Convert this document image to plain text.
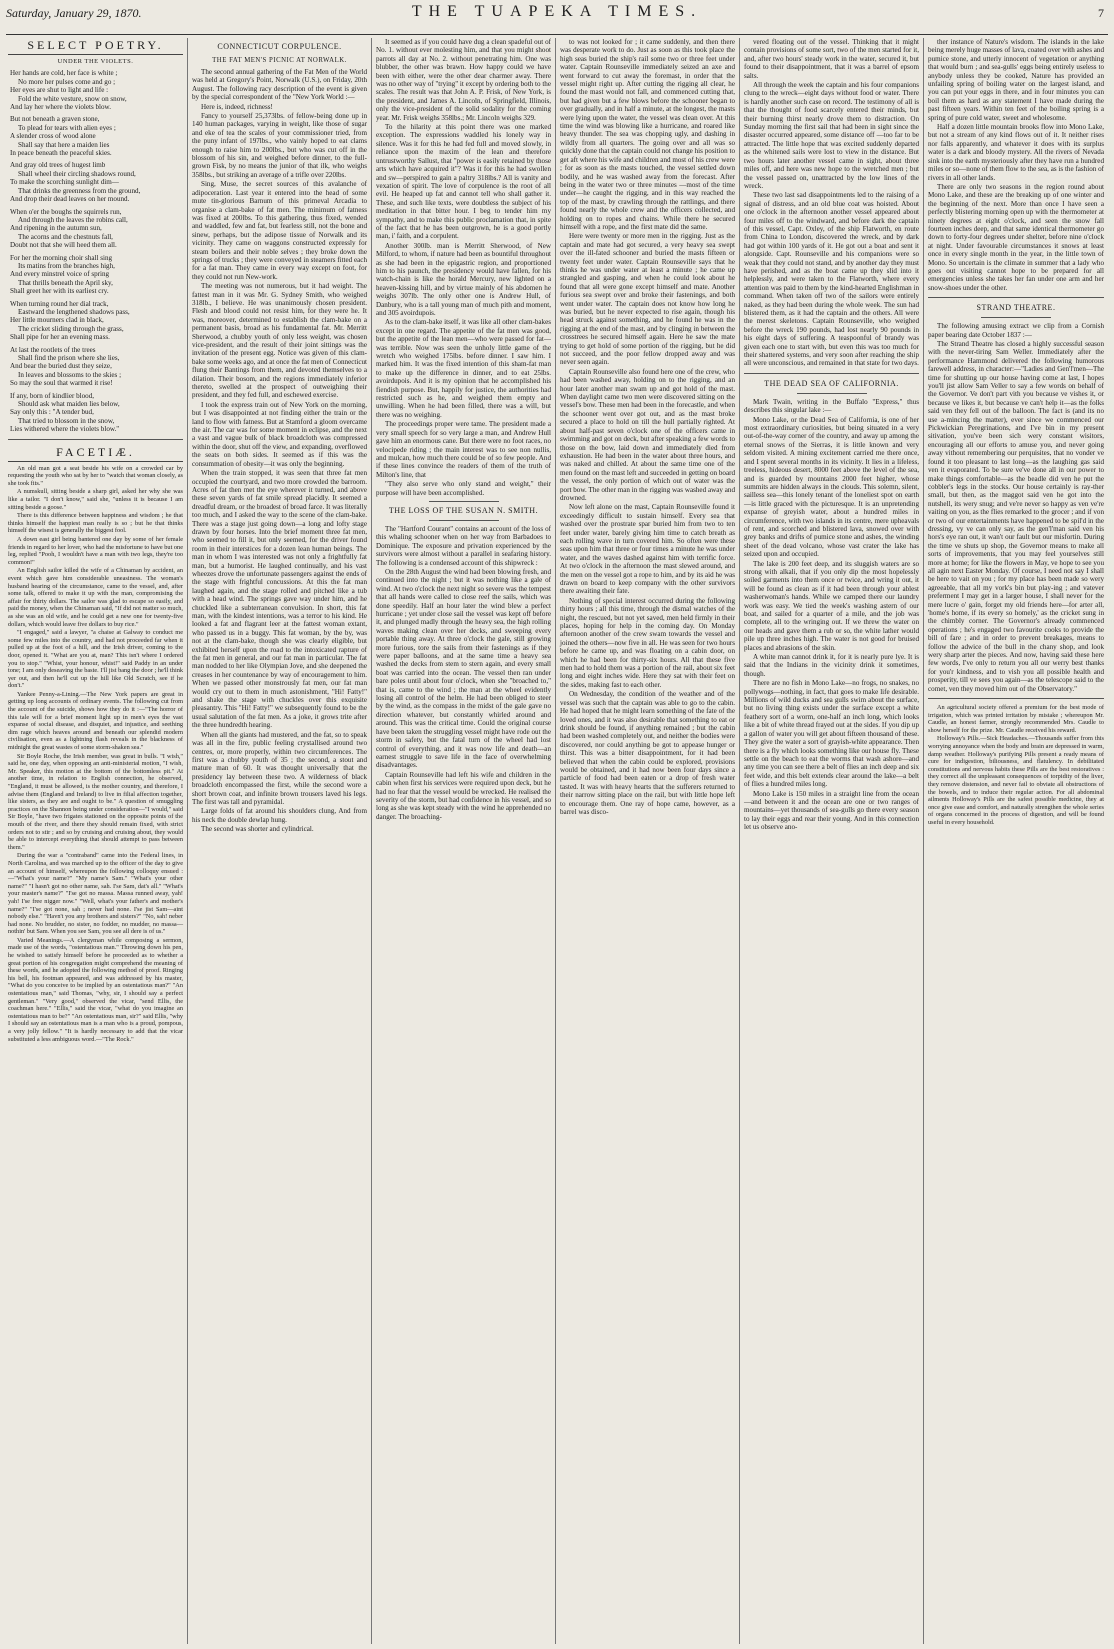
Saturday, January 29, 1870.	THE TUAPEKA TIMES.	7
SELECT POETRY.
UNDER THE VIOLETS.
Her hands are cold, her face is white ;
No more her pulses come and go ;
Her eyes are shut to light and life :
Fold the white vesture, snow on snow,
And lay her where the violets blow.
But not beneath a graven stone,
To plead for tears with alien eyes ;
A slender cross of wood alone
Shall say that here a maiden lies
In peace beneath the peaceful skies.
And gray old trees of hugest limb
Shall wheel their circling shadows round,
To make the scorching sunlight dim—
That drinks the greenness from the ground,
And drop their dead leaves on her mound.
When o'er the boughs the squirrels run,
And through the leaves the robins call,
And ripening in the autumn sun,
The acorns and the chestnuts fall,
Doubt not that she will heed them all.
For her the morning choir shall sing
Its matins from the branches high,
And every minstrel voice of spring
That thrills beneath the April sky,
Shall greet her with its earliest cry.
When turning round her dial track,
Eastward the lengthened shadows pass,
Her little mourners clad in black,
The cricket sliding through the grass,
Shall pipe for her an evening mass.
At last the rootlets of the trees
Shall find the prison where she lies,
And bear the buried dust they seize,
In leaves and blossoms to the skies ;
So may the soul that warmed it rise!
If any, born of kindlier blood,
Should ask what maiden lies below,
Say only this : "A tender bud,
That tried to blossom in the snow,
Lies withered where the violets blow."
FACETIÆ.

An old man got a seat beside his wife on a crowded car by requesting the youth who sat by her to "watch that woman closely, as she took fits."

A numskull, sitting beside a sharp girl, asked her why she was like a tailor. "I don't know," said she, "unless it is because I am sitting beside a goose."

There is this difference between happiness and wisdom ; he that thinks himself the happiest man really is so ; but he that thinks himself the wisest is generally the biggest fool.

A down east girl being bantered one day by some of her female friends in regard to her lover, who had the misfortune to have but one leg, replied "Pooh, I wouldn't have a man with two legs, they're too common!"

An English sailor killed the wife of a Chinaman by accident, an event which gave him considerable uneasiness. The woman's husband hearing of the circumstance, came to the vessel, and, after some talk, offered to make it up with the man, compromising the affair for thirty dollars. The sailor was glad to escape so easily, and paid the money, when the Chinaman said, "If did not matter so much, as she was an old wife, and he could get a new one for twenty-five dollars, which would leave five dollars to buy rice."

"I engaged," said a lawyer, "a chaise at Galway to conduct me some few miles into the country, and had not proceeded far when it pulled up at the foot of a hill, and the Irish driver, coming to the door, opened it. "What are you at, man? This isn't where I ordered you to stop." "Whist, your honour, whist!" said Paddy in an under tone; I am only deseaving the baste. I'll jist bang the door ; he'll think yer out, and then he'll cut up the hill like Old Scratch, see if he don't."

Yankee Penny-a-Lining.—The New York papers are great in getting up long accounts of ordinary events. The following cut from the account of the suicide, shows how they do it :—"The horror of this tale will for a brief moment light up in men's eyes the vast expanse of social disease, and disquiet, and injustice, and seething dim rage which heaves around and beneath our splendid modern civilisation, even as a lightning flash reveals in the blackness of midnight the great wastes of some storm-shaken sea."

Sir Boyle Roche, the Irish member, was great in bulls. "I wish," said he, one day, when opposing an anti-ministerial motion, "I wish, Mr. Speaker, this motion at the bottom of the bottomless pit." At another time, in relation to English connection, he observed, "England, it must be allowed, is the mother country, and therefore, I advise them (England and Ireland) to live in filial affection together, like sisters, as they are and ought to be." A question of smuggling practices on the Shannon being under consideration—"I would," said Sir Boyle, "have two frigates stationed on the opposite points of the mouth of the river, and there they should remain fixed, with strict orders not to stir ; and so by cruising and cruising about, they would be able to intercept everything that should attempt to pass between them."

During the war a "contraband" came into the Federal lines, in North Carolina, and was marched up to the officer of the day to give an account of himself, whereupon the following colloquy ensued :—"What's your name?" "My name's Sam." "What's your other name?" "I hasn't got no other name, sah. I'se Sam, dat's all." "What's your master's name?" "I'se got no massa. Massa runned away, yah! yah! I'se free nigger now." "Well, what's your father's and mother's name?" "I'se got none, sah ; never had none. I'se jist Sam—aint nobody else." "Havn't you any brothers and sisters?" "No, sah! neber had none. No brudder, no sister, no fodder, no mudder, no massa—nothin' but Sam. When you see Sam, you see all dere is of us."

Varied Meanings.—A clergyman while composing a sermon, made use of the words, "ostentatious man." Throwing down his pen, he wished to satisfy himself before he proceeded as to whether a great portion of his congregation might comprehend the meaning of these words, and he adopted the following method of proof. Ringing his bell, his footman appeared, and was addressed by his master, "What do you conceive to be implied by an ostentatious man?" "An ostentatious man," said Thomas, "why, sir, I should say a perfect gentleman." "Very good," observed the vicar, "send Ellis, the coachman here." "Ellis," said the vicar, "what do you imagine an ostentatious man to be?" "An ostentatious man, sir?" said Ellis, "why I should say an ostentatious man is a man who is a proud, pompous, a very jolly fellow." "It is hardly necessary to add that the vicar substituted a less ambiguous word.—"The Rock."

CONNECTICUT CORPULENCE.
THE FAT MEN'S PICNIC AT NORWALK.

The second annual gathering of the Fat Men of the World was held at Gregory's Point, Norwalk (U.S.), on Friday, 20th August. The following racy description of the event is given by the special correspondent of the "New York World :—

Here is, indeed, richness!

Fancy to yourself 25,373lbs. of fellow-being done up in 140 human packages, varying in weight, like those of sugar and eke of tea the scales of your commissioner tried, from the puny infant of 197lbs., who vainly hoped to eat clams enough to raise him to 200lbs., but who was cut off in the blossom of his sin, and weighed before dinner, to the full-grown Fisk, by no means the junior of that ilk, who weighs 358lbs., but striking an average of a trifle over 220lbs.

Sing, Muse, the secret sources of this avalanche of adipoceration. Last year it entered into the head of some mute tin-glorious Barnum of this primeval Arcadia to organise a clam-bake of fat men. The minimum of fatness was fixed at 200lbs. To this gathering, thus fixed, wended and waddled, few and fat, but fearless still, not the bone and sinew, perhaps, but the adipose tissue of Norwalk and its vicinity. They came on waggons constructed expressly for steam boilers and their noble selves ; they broke down the springs of trucks ; they were conveyed in steamers fitted each for a fat man. They came in every way except on foot, for they could not run New-work.

The meeting was not numerous, but it had weight. The fattest man in it was Mr. G. Sydney Smith, who weighed 318lb., I believe. He was unanimously chosen president. Flesh and blood could not resist him, for they were he. It was, moreover, determined to establish the clam-bake on a permanent basis, broad as his fundamental fat. Mr. Merritt Sherwood, a chubby youth of only less weight, was chosen vice-president, and the result of their joint sittings was the invitation of the present egg. Notice was given of this clam-bake some weeks ago, and at once the fat men of Connecticut flung their Bantings from them, and devoted themselves to a dilation. Their bosom, and the regions immediately inferior thereto, swelled at the prospect of outweighing their president, and they fed full, and eschewed exercise.

I took the express train out of New York on the morning, but I was disappointed at not finding either the train or the land to flow with fatness. But at Stamford a gloom overcame the air. The car was for some moment in eclipse, and the next a vast and vague bulk of black broadcloth was compressed within the door, shut off the view, and expanding, overflowed the seats on both sides. It seemed as if this was the consummation of obesity—it was only the beginning.

When the train stopped, it was seen that three fat men occupied the courtyard, and two more crowded the barroom. Acres of fat then met the eye wherever it turned, and above these seven yards of fat smile spread placidly. It seemed a dreadful dream, or the broadest of broad farce. It was literally too much, and I asked the way to the scene of the clam-bake. There was a stage just going down—a long and lofty stage drawn by four horses. Into the brief moment three fat men, who seemed to fill it, but only seemed, for the driver found room in their interstices for a dozen lean human beings. The man in whom I was interested was not only a frightfully fat man, but a humorist. He laughed continually, and his vast wheezes drove the unfortunate passengers against the ends of the stage with frightful concussions. At this the fat man laughed again, and the stage rolled and pitched like a tub with a head wind. The springs gave way under him, and he chuckled like a subterranean convulsion. In short, this fat man, with the kindest intentions, was a terror to his kind. He looked a fat and flagrant leer at the fattest woman extant, who passed us in a buggy. This fat woman, by the by, was not at the clam-bake, though she was clearly eligible, but exhibited herself upon the road to the intoxicated rapture of the fat men in general, and our fat man in particular. The fat man nodded to her like Olympian Jove, and she deepened the creases in her countenance by way of encouragement to him. When we passed other monstrously fat men, our fat man would cry out to them in much astonishment, "Hi! Fatty!" and shake the stage with chuckles over this exquisite pleasantry. This "Hi! Fatty!" we subsequently found to be the usual salutation of the fat men. As a joke, it grows trite after the three hundredth hearing.

When all the giants had mustered, and the fat, so to speak was all in the fire, public feeling crystallised around two centres, or, more properly, within two circumferences. The first was a chubby youth of 35 ; the second, a stout and mature man of 60. It was thought universally that the presidency lay between these two. A wilderness of black broadcloth encompassed the first, while the second wore a short brown coat, and infinite brown trousers laved his legs. The first was tall and pyramidal.

Large folds of fat around his shoulders clung, And from his neck the double dewlap hung.

The second was shorter and cylindrical.

It seemed as if you could have dug a clean spadeful out of No. 1. without ever molesting him, and that you might shoot parrots all day at No. 2. without penetrating him. One was blubber, the other was brawn. How happy could we have been with either, were the other dear charmer away. There was no other way of "trying" it except by ordering both to the scales. The result was that John A. P. Frisk, of New York, is the president, and James A. Lincoln, of Springfield, Illinois, only the vice-president of the solid sodality for the coming year. Mr. Frisk weighs 358lbs.; Mr. Lincoln weighs 329.

To the hilarity at this point there was one marked exception. The expressions waddled his lonely way in silence. Was it for this he had fed full and moved slowly, in reliance upon the maxim of the lean and therefore untrustworthy Sallust, that "power is easily retained by those arts which have acquired it"? Was it for this he had swollen and sw—perspired to gain a paltry 318lbs.? All is vanity and vexation of spirit. The love of corpulence is the root of all evil. He heaped up fat and cannot tell who shall gather it. These, and such like texts, were doubtless the subject of his meditation in that bitter hour. I beg to tender him my sympathy, and to make this public proclamation that, in spite of the fact that he has been outgrown, he is a good portly man, i' faith, and a corpulent.

Another 300lb. man is Merritt Sherwood, of New Milford, to whom, if nature had been as bountiful throughout as she had been in the epigastric region, and proportioned him to his paunch, the presidency would have fallen, for his watch-chain is like the horald Mercury, new lighted on a heaven-kissing hill, and by virtue mainly of his abdomen he weighs 307lb. The only other one is Andrew Hull, of Danbury, who is a tall young man of much pith and moment, and 305 avoirdupois.

As to the clam-bake itself, it was like all other clam-bakes except in one regard. The appetite of the fat men was good, but the appetite of the lean men—who were passed for fat—was terrible. Now was seen the unholy little game of the wretch who weighed 175lbs. before dinner. I saw him. I marked him. It was the fixed intention of this sham-fat man to make up the difference in dinner, and to eat 25lbs. avoirdupois. And it is my opinion that he accomplished his fiendish purpose. But, happily for justice, the authorities had restricted such as he, and weighed them empty and unwilling. When he had been filled, there was a will, but there was no weighing.

The proceedings proper were tame. The president made a very small speech for so very large a man, and Andrew Hull gave him an enormous cane. But there were no foot races, no velocipede riding ; the main interest was to see non nullis, and mulcan, how much there could be of so few people. And if these lines convince the readers of them of the truth of Milton's line, that

"They also serve who only stand and weight," their purpose will have been accomplished.

THE LOSS OF THE SUSAN N. SMITH.

The "Hartford Courant" contains an account of the loss of this whaling schooner when on her way from Barbadoes to Dominique. The exposure and privation experienced by the survivors were almost without a parallel in seafaring history. The following is a condensed account of this shipwreck :

On the 28th August the wind had been blowing fresh, and continued into the night ; but it was nothing like a gale of wind. At two o'clock the next night so severe was the tempest that all hands were called to close reef the sails, which was done speedily. Half an hour later the wind blew a perfect hurricane ; yet under close sail the vessel was kept off before it, and plunged madly through the heavy sea, the high rolling waves making clean over her decks, and sweeping every portable thing away. At three o'clock the gale, still growing more furious, tore the sails from their fastenings as if they were paper balloons, and at the same time a heavy sea washed the decks from stem to stern again, and every small boat was carried into the ocean. The vessel then ran under bare poles until about four o'clock, when she "broached to," that is, came to the wind ; the man at the wheel evidently losing all control of the helm. He had been obliged to steer by the wind, as the compass in the midst of the gale gave no direction whatever, but constantly whirled around and around. This was the critical time. Could the original course have been taken the struggling vessel might have rode out the storm in safety, but the fatal turn of the wheel had lost control of everything, and it was now life and death—an earnest struggle to save life in the face of overwhelming disadvantages.

Captain Rounseville had left his wife and children in the cabin when first his services were required upon deck, but he had no fear that the vessel would be wrecked. He realised the severity of the storm, but had confidence in his vessel, and so long as she was kept steady with the wind he apprehended no danger. The broaching-

to was not looked for ; it came suddenly, and then there was desperate work to do. Just as soon as this took place the high seas buried the ship's rail some two or three feet under water. Captain Rounseville immediately seized an axe and went forward to cut away the foremast, in order that the vessel might right up. After cutting the rigging all clear, he found the mast would not fall, and commenced cutting that, but had given but a few blows before the schooner began to over gradually, and in half a minute, at the longest, the masts were lying upon the water, the vessel was clean over. At this time the wind was blowing like a hurricane, and roared like heavy thunder. The sea was chopping ugly, and dashing in wildly from all quarters. The going over and all was so quickly done that the captain could not change his position to get aft where his wife and children and most of his crew were ; for as soon as the masts touched, the vessel settled down bodily, and he was washed away from the forecast. After being in the water two or three minutes —most of the time under—he caught the rigging, and in this way reached the top of the mast, by crawling through the rattlings, and there found nearly the whole crew and the officers collected, and holding on to ropes and chains. While there he secured himself with a rope, and the first mate did the same.

Here were twenty or more men in the rigging. Just as the captain and mate had got secured, a very heavy sea swept over the ill-fated schooner and buried the masts fifteen or twenty feet under water. Captain Rounseville says that he thinks he was under water at least a minute ; he came up strangled and gasping, and when he could look about he found that all were gone except himself and mate. Another furious sea swept over and broke their fastenings, and both went under water. The captain does not know how long he was buried, but he never expected to rise again, though his head struck against something, and he found he was in the rigging at the end of the mast, and by clinging in between the crosstrees he secured himself again. Here he saw the mate trying to get hold of some portion of the rigging, but he did not succeed, and the poor fellow dropped away and was never seen again.

Captain Rounseville also found here one of the crew, who had been washed away, holding on to the rigging, and an hour later another man swam up and got hold of the mast. When daylight came two men were discovered sitting on the vessel's bow. These men had been in the forecastle, and when the schooner went over got out, and as the mast broke secured a place to hold on till the hull partially righted. At about half-past seven o'clock one of the officers came in swimming and got on deck, but after speaking a few words to those on the bow, laid down and immediately died from exhaustion. He had been in the water about three hours, and was naked and chilled. At about the same time one of the men found on the mast left and succeeded in getting on board the vessel, the only portion of which out of water was the port bow. The other man in the rigging was washed away and drowned.

Now left alone on the mast, Captain Rounseville found it exceedingly difficult to sustain himself. Every sea that washed over the prostrate spar buried him from two to ten feet under water, barely giving him time to catch breath as each rolling wave in turn covered him. So often were these seas upon him that three or four times a minute he was under water, and the waves dashed against him with terrific force. At two o'clock in the afternoon the mast slewed around, and the men on the vessel got a rope to him, and by its aid he was drawn on board to keep company with the other survivors there awaiting their fate.

Nothing of special interest occurred during the following thirty hours ; all this time, through the dismal watches of the night, the rescued, but not yet saved, men held firmly in their places, hoping for help in the coming day. On Monday afternoon another of the crew swam towards the vessel and joined the others—now five in all. He was seen for two hours before he came up, and was floating on a cabin door, on which he had been for thirty-six hours. All that these five men had to hold them was a portion of the rail, about six feet long and eight inches wide. Here they sat with their feet on the sides, making fast to each other.

On Wednesday, the condition of the weather and of the vessel was such that the captain was able to go to the cabin. He had hoped that he might learn something of the fate of the loved ones, and it was also desirable that something to eat or drink should be found, if anything remained ; but the cabin had been washed completely out, and neither the bodies were discovered, nor could anything be got to appease hunger or thirst. This was a bitter disappointment, for it had been believed that when the cabin could be explored, provisions would be obtained, and it had now been four days since a particle of food had been eaten or a drop of fresh water tasted. It was with heavy hearts that the sufferers returned to their narrow sitting place on the rail, but with little hope left to encourage them. One ray of hope came, however, as a barrel was disco-

vered floating out of the vessel. Thinking that it might contain provisions of some sort, two of the men started for it, and, after two hours' steady work in the water, secured it, but found to their disappointment, that it was a barrel of epsom salts.

All through the week the captain and his four companions clung to the wreck—eight days without food or water. There is hardly another such case on record. The testimony of all is that the thought of food scarcely entered their minds, but their burning thirst nearly drove them to distraction. On Sunday morning the first sail that had been in sight since the disaster occurred appeared, some distance off —too far to be attracted. The little hope that was excited suddenly departed as the whitened sails were lost to view in the distance. But two hours later another vessel came in sight, about three miles off, and here was new hope to the wretched men ; but the vessel passed on, unattracted by the low lines of the wreck.

These two last sad disappointments led to the raising of a signal of distress, and an old blue coat was hoisted. About one o'clock in the afternoon another vessel appeared about four miles off to the windward, and before dark the captain of this vessel, Capt. Oxley, of the ship Flatworth, en route from China to London, discovered the wreck, and by dark had got within 100 yards of it. He got out a boat and sent it alongside. Capt. Rounseville and his companions were so weak that they could not stand, and by another day they must have perished, and as the boat came up they slid into it helplessly, and were taken to the Flatworth, where every attention was paid to them by the kind-hearted Englishman in command. When taken off two of the sailors were entirely naked, as they had been during the whole week. The sun had blistered them, as it had the captain and the others. All were the merest skeletons. Captain Rounseville, who weighed before the wreck 190 pounds, had lost nearly 90 pounds in his eight days of suffering. A teaspoonful of brandy was given each one to start with, but even this was too much for their shattered systems, and very soon after reaching the ship all were unconscious, and remained in that state for two days.

THE DEAD SEA OF CALIFORNIA.

Mark Twain, writing in the Buffalo "Express," thus describes this singular lake :—

Mono Lake, or the Dead Sea of California, is one of her most extraordinary curiosities, but being situated in a very out-of-the-way corner of the country, and away up among the eternal snows of the Sierras, it is little known and very seldom visited. A mining excitement carried me there once, and I spent several months in its vicinity. It lies in a lifeless, treeless, hideous desert, 8000 feet above the level of the sea, and is guarded by mountains 2000 feet higher, whose summits are hidden always in the clouds. This solemn, silent, sailless sea—this lonely tenant of the loneliest spot on earth—is little graced with the picturesque. It is an unpretending expanse of greyish water, about a hundred miles in circumference, with two islands in its centre, mere upheavals of rent, and scorched and blistered lava, snowed over with grey banks and drifts of pumice stone and ashes, the winding sheet of the dead volcano, whose vast crater the lake has seized upon and occupied.

The lake is 200 feet deep, and its sluggish waters are so strong with alkali, that if you only dip the most hopelessly soiled garments into them once or twice, and wring it out, it will be found as clean as if it had been through your ablest washerwoman's hands. While we camped there our laundry work was easy. We tied the week's washing astern of our boat, and sailed for a quarter of a mile, and the job was complete, all to the wringing out. If we threw the water on our heads and gave them a rub or so, the white lather would pile up three inches high. The water is not good for bruised places and abrasions of the skin.

A white man cannot drink it, for it is nearly pure lye. It is said that the Indians in the vicinity drink it sometimes, though.

There are no fish in Mono Lake—no frogs, no snakes, no pollywogs—nothing, in fact, that goes to make life desirable. Millions of wild ducks and sea gulls swim about the surface, but no living thing exists under the surface except a white feathery sort of a worm, one-half an inch long, which looks like a bit of white thread frayed out at the sides. If you dip up a gallon of water you will get about fifteen thousand of these. They give the water a sort of grayish-white appearance. Then there is a fly which looks something like our house fly. These settle on the beach to eat the worms that wash ashore—and any time you can see there a belt of flies an inch deep and six feet wide, and this belt extends clear around the lake—a belt of flies a hundred miles long.

Mono Lake is 150 miles in a straight line from the ocean—and between it and the ocean are one or two ranges of mountains—yet thousands of sea-gulls go there every season to lay their eggs and rear their young. And in this connection let us observe ano-

ther instance of Nature's wisdom. The islands in the lake being merely huge masses of lava, coated over with ashes and pumice stone, and utterly innocent of vegetation or anything that would burn ; and sea-gulls' eggs being entirely useless to anybody unless they be cooked, Nature has provided an unfailing spring of boiling water on the largest island, and you can put your eggs in there, and in four minutes you can boil them as hard as any statement I have made during the past fifteen years. Within ten feet of the boiling spring is a spring of pure cold water, sweet and wholesome.

Half a dozen little mountain brooks flow into Mono Lake, but not a stream of any kind flows out of it. It neither rises nor falls apparently, and whatever it does with its surplus water is a dark and bloody mystery. All the rivers of Nevada sink into the earth mysteriously after they have run a hundred miles or so—none of them flow to the sea, as is the fashion of rivers in all other lands.

There are only two seasons in the region round about Mono Lake, and these are the breaking up of one winter and the beginning of the next. More than once I have seen a perfectly blistering morning open up with the thermometer at ninety degrees at eight o'clock, and seen the snow fall fourteen inches deep, and that same identical thermometer go down to forty-four degrees under shelter, before nine o'clock at night. Under favourable circumstances it snows at least once in every single month in the year, in the little town of Mono. So uncertain is the climate in summer that a lady who goes out visiting cannot hope to be prepared for all emergencies unless she takes her fan under one arm and her snow-shoes under the other.

STRAND THEATRE.

The following amusing extract we clip from a Cornish paper bearing date October 1837 :—

The Strand Theatre has closed a highly successful season with the never-tiring Sam Weller. Immediately after the performance Hammond delivered the following humorous farewell address, in character:—"Ladies and Gen'l'men—The time for shutting up our house having come at last, I hopes you'll jist allow Sam Veller to say a few words on behalf of the Governor. Ve don't part vith you because ve vishes it, or because ve likes it, but because ve can't help it—as the folks said ven they fell out of the balloon. The fact is (and its no use a-mincing the matter), ever since we commenced our Pickwickian Peregrinations, and I've bin in my present sitivation, you've been sich wery constant wisitors, encouraging all our efforts to amuse you, and never going away vithout remembering our perquisites, that no vonder ve found it too pleasant to last long—as the laughing gas said ven it evaporated. To be sure ve've done all in our power to make things comfortable—as the beadle did ven he put the cobbler's legs in the stocks. Our house certainly is ray-ther small, but then, as the maggot said ven he got into the nutshell, its wery snug; and ve're never so happy as ven ve're vaiting on you, as the flies remarked to the grocer ; and if von or two of our entertainments have happened to be spil'd in the dressing, vy ve can only say, as the gen'l'man said ven his hors's eye ran out, it wan't our fault but our misfortin. During the time ve shuts up shop, the Governor means to make all sorts of improvements, that you may feel yourselves still more at home; for like the flowers in May, ve hope to see you all agin next Easter Monday. Of course, I need not say I shall be here to vait on you ; for my place has been made so wery agreeable, that all my vork's bin but play-ing ; and vatever preferment I may get in a larger house, I shall never for the mere lucre o' gain, forget my old friends here—for arter all, 'home's home, if its every so homely,' as the cricket sung in the chimbly corner. The Governor's already commenced operations ; he's engaged two favourite cooks to provide the bill of fare ; and in order to prevent breakages, means to follow the adwice of the bull in the chany shop, and look wery sharp arter the pieces. And now, having said these here few words, I've only to return you all our werry best thanks for you'r kindness, and to vish you all possible health and prosperity, till ve sees you again—as the telescope said to the comet, ven they moved him out of the Observatory."

An agricultural society offered a premium for the best mode of irrigation, which was printed irritation by mistake ; whereupon Mr. Caudle, an honest farmer, strongly recommended Mrs. Caudle to show herself for the prize. Mr. Caudle received his reward.

Holloway's Pills.—Sick Headaches.—Thousands suffer from this worrying annoyance when the body and brain are depressed in warm, damp weather. Holloway's purifying Pills present a ready means of cure for indigestion, biliousness, and flatulency. In debilitated constitutions and nervous habits these Pills are the best restoratives : they correct all the unpleasant consequences of torpidity of the liver, they remove distension, and never fail to obviate all obstructions of the bowels, and to induce their regular action. For all abdominal ailments Holloway's Pills are the safest possible medicine, they at once give ease and comfort, and naturally strengthen the whole series of organs concerned in the process of digestion, and will be found useful in every household.
